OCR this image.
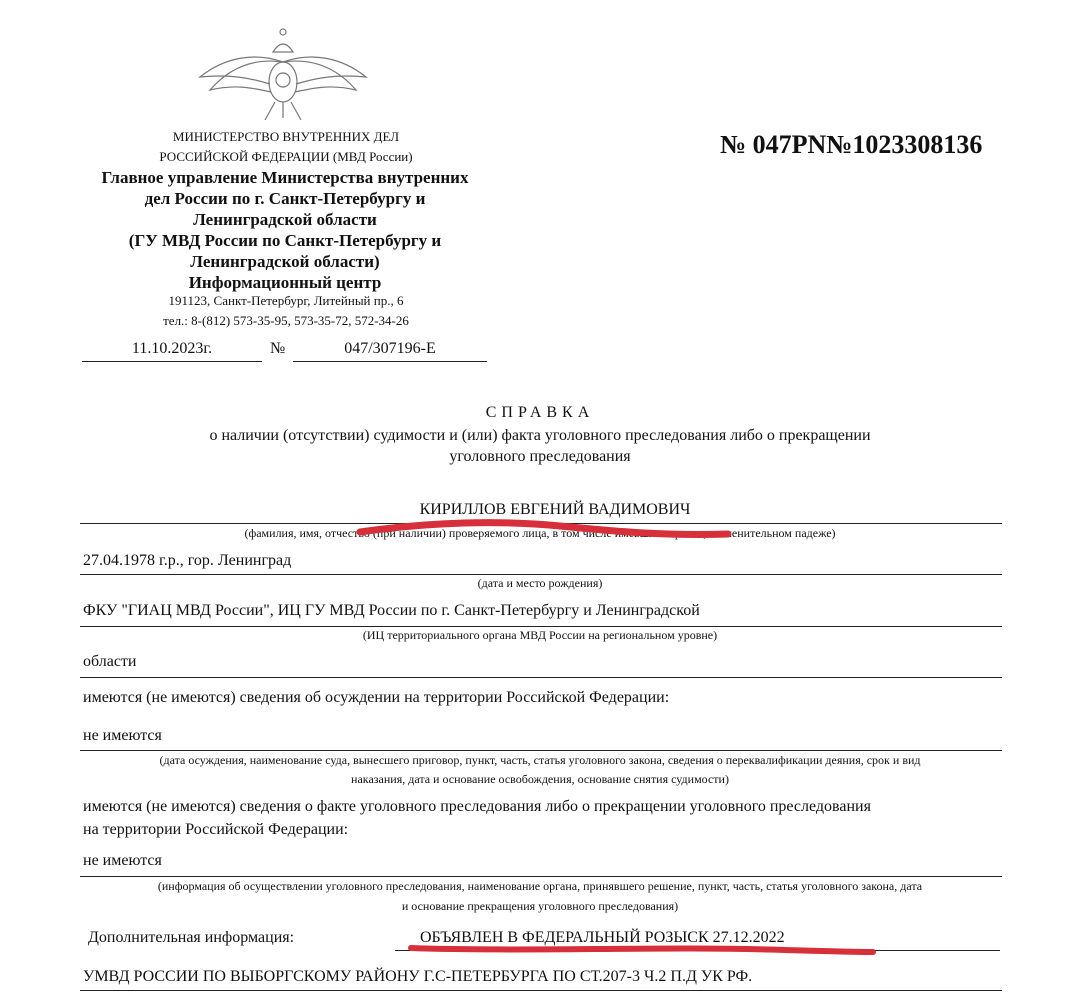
МИНИСТЕРСТВО ВНУТРЕННИХ ДЕЛ
РОССИЙСКОЙ ФЕДЕРАЦИИ (МВД России)
Главное управление Министерства внутренних
дел России по г. Санкт-Петербургу и
Ленинградской области
(ГУ МВД России по Санкт-Петербургу и
Ленинградской области)
Информационный центр
191123, Санкт-Петербург, Литейный пр., 6
тел.: 8-(812) 573-35-95, 573-35-72, 572-34-26
11.10.2023г.	№	047/307196-Е
№ 047РN№1023308136
СПРАВКА
о наличии (отсутствии) судимости и (или) факта уголовного преследования либо о прекращении
уголовного преследования
КИРИЛЛОВ ЕВГЕНИЙ ВАДИМОВИЧ
(фамилия, имя, отчество (при наличии) проверяемого лица, в том числе имевшиеся ранее, в именительном падеже)
27.04.1978 г.р., гор. Ленинград
(дата и место рождения)
ФКУ "ГИАЦ МВД России", ИЦ ГУ МВД России по г. Санкт-Петербургу и Ленинградской
(ИЦ территориального органа МВД России на региональном уровне)
области
имеются (не имеются) сведения об осуждении на территории Российской Федерации:
не имеются
(дата осуждения, наименование суда, вынесшего приговор, пункт, часть, статья уголовного закона, сведения о переквалификации деяния, срок и вид
наказания, дата и основание освобождения, основание снятия судимости)
имеются (не имеются) сведения о факте уголовного преследования либо о прекращении уголовного преследования
на территории Российской Федерации:
не имеются
(информация об осуществлении уголовного преследования, наименование органа, принявшего решение, пункт, часть, статья уголовного закона, дата
и основание прекращения уголовного преследования)
Дополнительная информация:	ОБЪЯВЛЕН В ФЕДЕРАЛЬНЫЙ РОЗЫСК 27.12.2022
УМВД РОССИИ ПО ВЫБОРГСКОМУ РАЙОНУ Г.С-ПЕТЕРБУРГА ПО СТ.207-3 Ч.2 П.Д УК РФ.
